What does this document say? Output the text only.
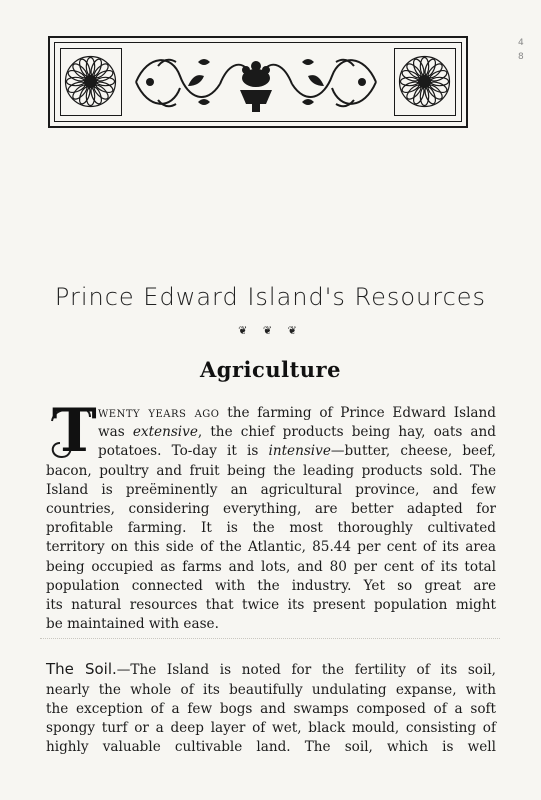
4
8
Prince Edward Island's Resources
❦ ❦ ❦
Agriculture
T wenty years ago the farming of Prince Edward Island
was extensive, the chief products being hay, oats and
potatoes. To-day it is intensive—butter, cheese, beef,
bacon, poultry and fruit being the leading products sold. The
Island is preëminently an agricultural province, and few
countries, considering everything, are better adapted for
profitable farming. It is the most thoroughly cultivated
territory on this side of the Atlantic, 85.44 per cent of its area
being occupied as farms and lots, and 80 per cent of its total
population connected with the industry. Yet so great are
its natural resources that twice its present population might
be maintained with ease.
The Soil.—The Island is noted for the fertility of its soil,
nearly the whole of its beautifully undulating expanse, with
the exception of a few bogs and swamps composed of a soft
spongy turf or a deep layer of wet, black mould, consisting of
highly valuable cultivable land. The soil, which is well
